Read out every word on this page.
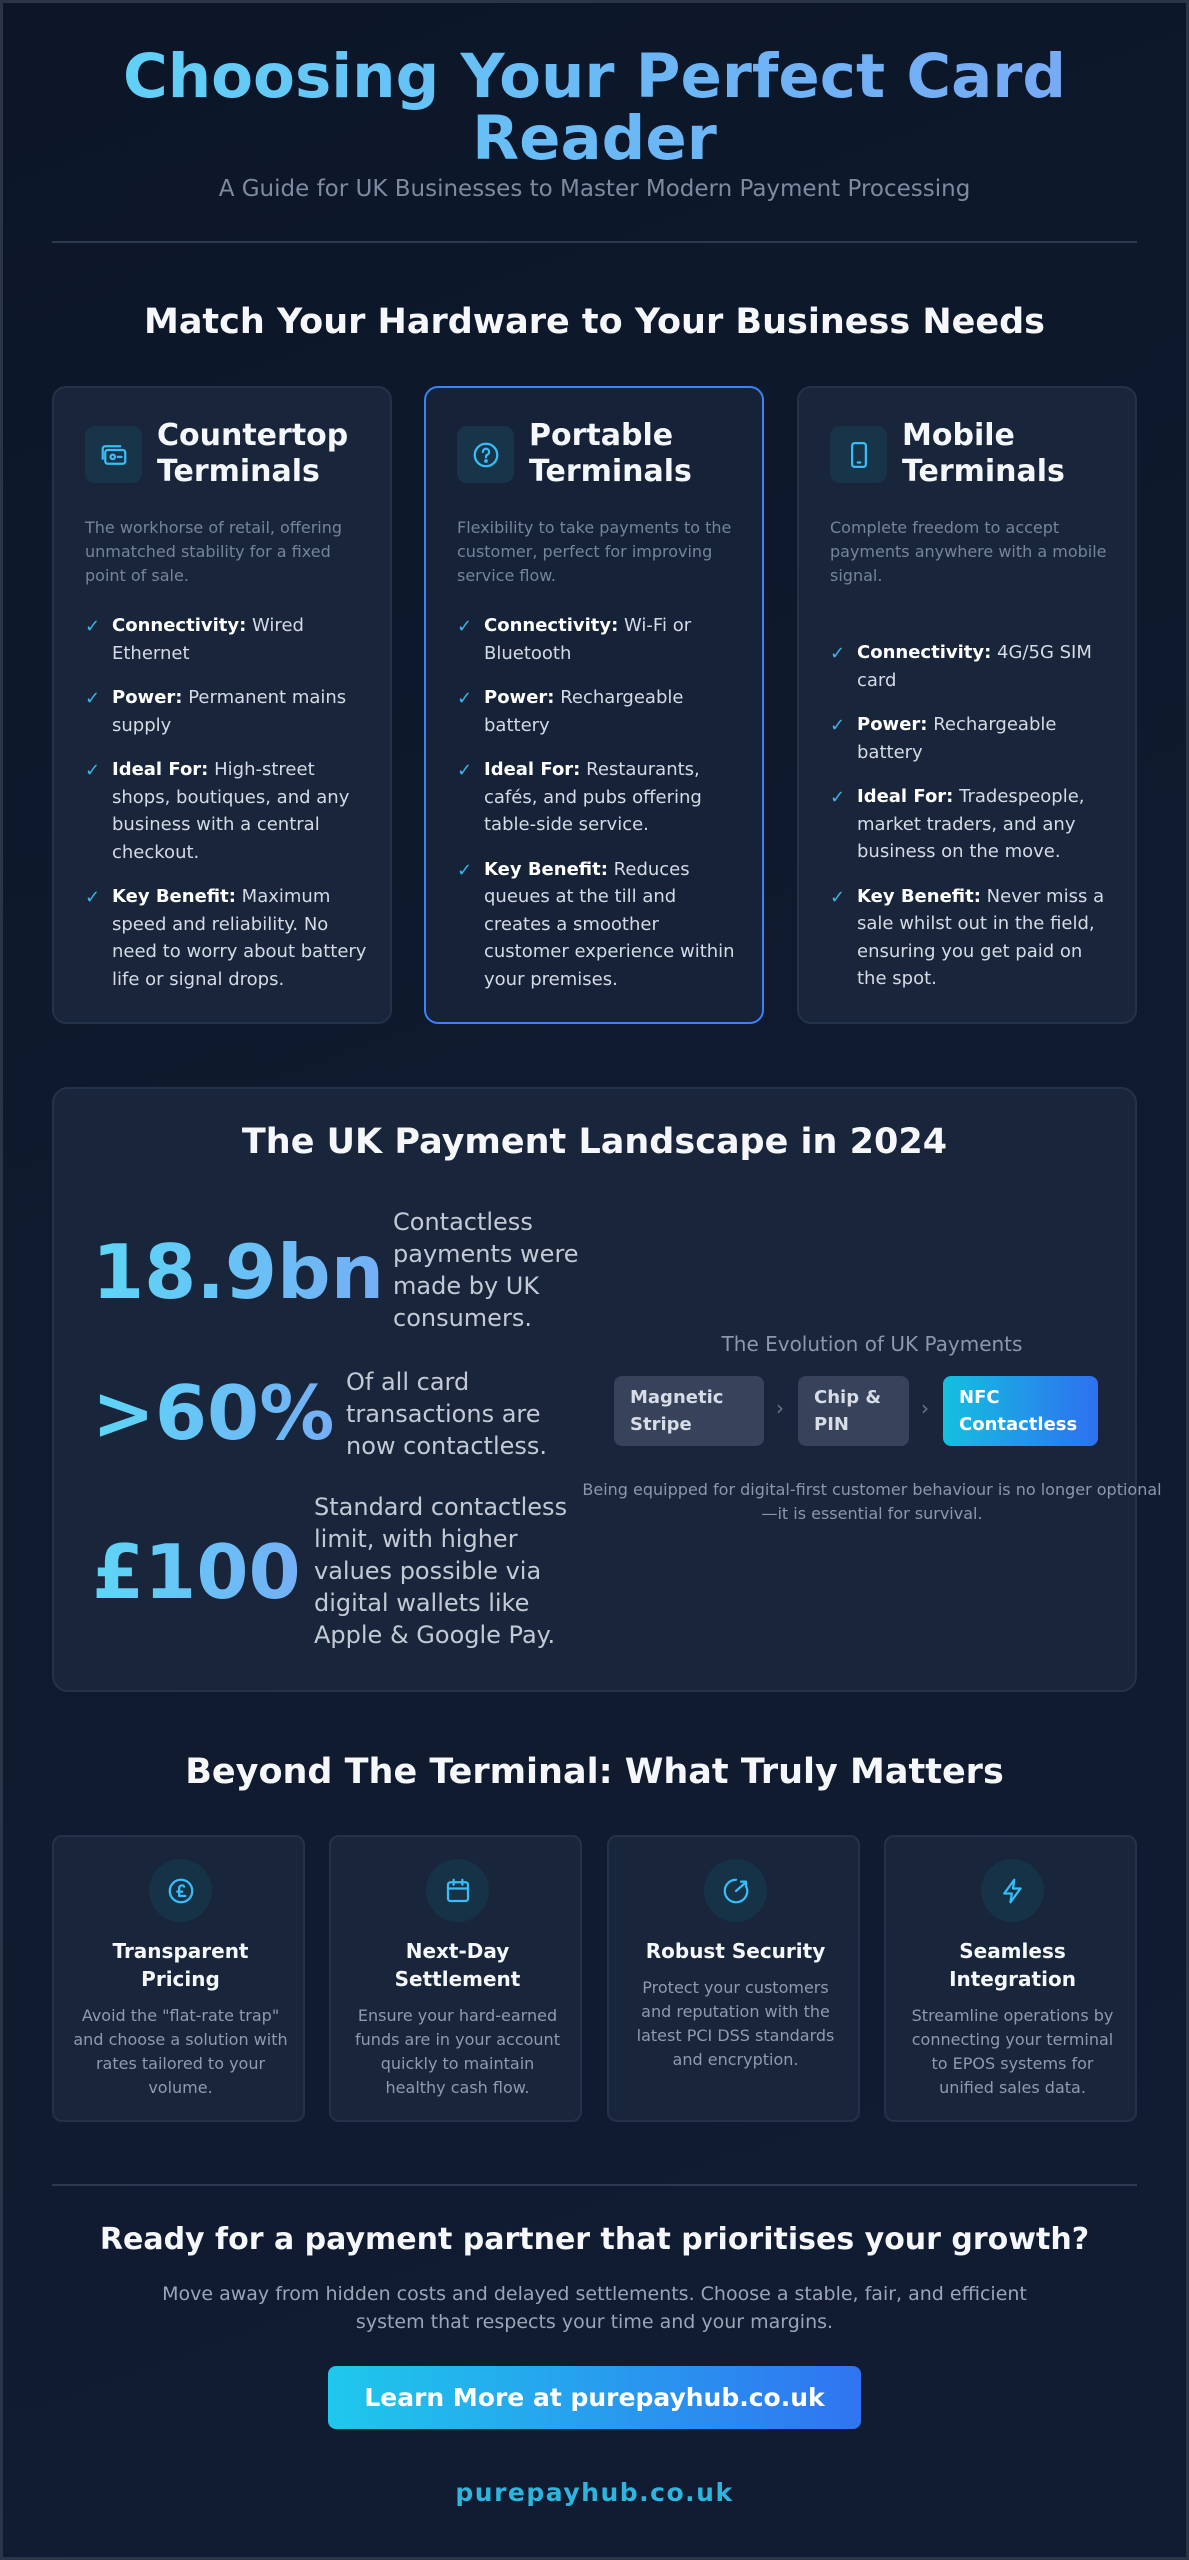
Choosing Your Perfect Card Reader
A Guide for UK Businesses to Master Modern Payment Processing
Match Your Hardware to Your Business Needs
Countertop Terminals

The workhorse of retail, offering unmatched stability for a fixed point of sale.

✓ Connectivity: Wired Ethernet
✓ Power: Permanent mains supply
✓ Ideal For: High-street shops, boutiques, and any business with a central checkout.
✓ Key Benefit: Maximum speed and reliability. No need to worry about battery life or signal drops.
Portable Terminals

Flexibility to take payments to the customer, perfect for improving service flow.

✓ Connectivity: Wi-Fi or Bluetooth
✓ Power: Rechargeable battery
✓ Ideal For: Restaurants, cafés, and pubs offering table-side service.
✓ Key Benefit: Reduces queues at the till and creates a smoother customer experience within your premises.
Mobile Terminals

Complete freedom to accept payments anywhere with a mobile signal.

✓ Connectivity: 4G/5G SIM card
✓ Power: Rechargeable battery
✓ Ideal For: Tradespeople, market traders, and any business on the move.
✓ Key Benefit: Never miss a sale whilst out in the field, ensuring you get paid on the spot.
The UK Payment Landscape in 2024
18.9bn
Contactless payments were made by UK consumers.
>60% Of all card transactions are now contactless.
£100
Standard contactless limit, with higher values possible via digital wallets like Apple & Google Pay.
The Evolution of UK Payments
Magnetic Stripe
›	Chip & PIN
›	NFC Contactless
Being equipped for digital-first customer behaviour is no longer optional—it is essential for survival.
Beyond The Terminal: What Truly Matters
Transparent Pricing

Avoid the "flat-rate trap" and choose a solution with rates tailored to your volume.

Next-Day Settlement

Ensure your hard-earned funds are in your account quickly to maintain healthy cash flow.

Robust Security

Protect your customers and reputation with the latest PCI DSS standards and encryption.

Seamless Integration

Streamline operations by connecting your terminal to EPOS systems for unified sales data.

Ready for a payment partner that prioritises your growth?

Move away from hidden costs and delayed settlements. Choose a stable, fair, and efficient system that respects your time and your margins.

Learn More at purepayhub.co.uk
purepayhub.co.uk
